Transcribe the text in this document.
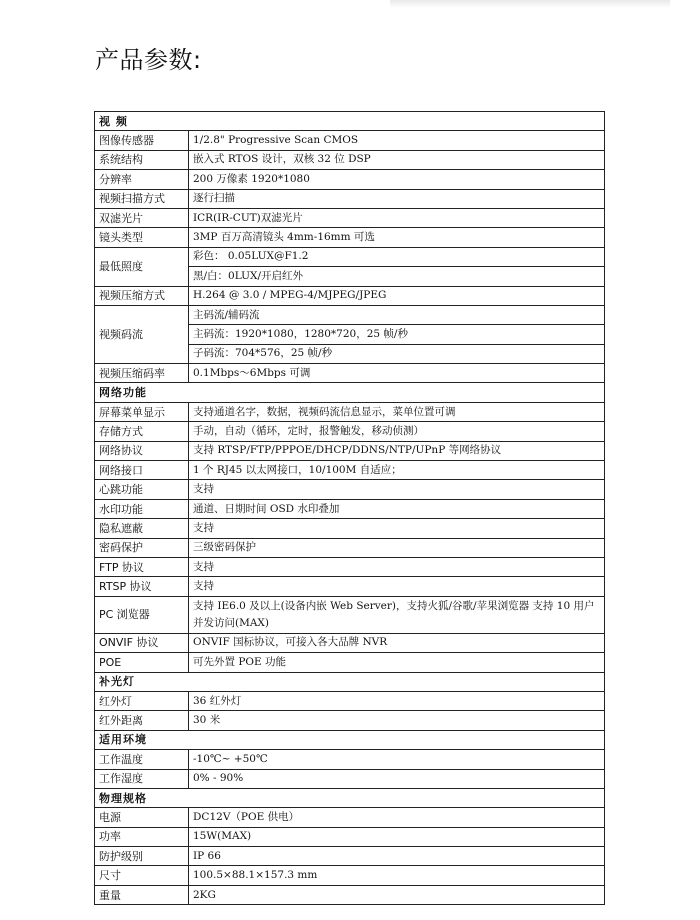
产品参数:
视 频	
图像传感器	1/2.8" Progressive Scan CMOS
系统结构	嵌入式 RTOS 设计，双核 32 位 DSP
分辨率	200 万像素 1920*1080
视频扫描方式	逐行扫描
双滤光片	ICR(IR-CUT)双滤光片
镜头类型	3MP 百万高清镜头 4mm-16mm 可选
最低照度	彩色： 0.05LUX@F1.2
	黑/白：0LUX/开启红外
视频压缩方式	H.264 @ 3.0 / MPEG-4/MJPEG/JPEG
视频码流	主码流/辅码流
	主码流：1920*1080，1280*720，25 帧/秒
	子码流：704*576，25 帧/秒
视频压缩码率	0.1Mbps～6Mbps 可调
网络功能	
屏幕菜单显示	支持通道名字，数据，视频码流信息显示，菜单位置可调
存储方式	手动，自动（循环，定时，报警触发，移动侦测）
网络协议	支持 RTSP/FTP/PPPOE/DHCP/DDNS/NTP/UPnP 等网络协议
网络接口	1 个 RJ45 以太网接口，10/100M 自适应；
心跳功能	支持
水印功能	通道、日期时间 OSD 水印叠加
隐私遮蔽	支持
密码保护	三级密码保护
FTP 协议	支持
RTSP 协议	支持
PC 浏览器	支持 IE6.0 及以上(设备内嵌 Web Server)，支持火狐/谷歌/苹果浏览器 支持 10 用户并发访问(MAX)
ONVIF 协议	ONVIF 国标协议，可接入各大品牌 NVR
POE	可先外置 POE 功能
补光灯	
红外灯	36 红外灯
红外距离	30 米
适用环境	
工作温度	-10℃~ +50℃
工作湿度	0% - 90%
物理规格	
电源	DC12V（POE 供电）
功率	15W(MAX)
防护级别	IP 66
尺寸	100.5×88.1×157.3 mm
重量	2KG
